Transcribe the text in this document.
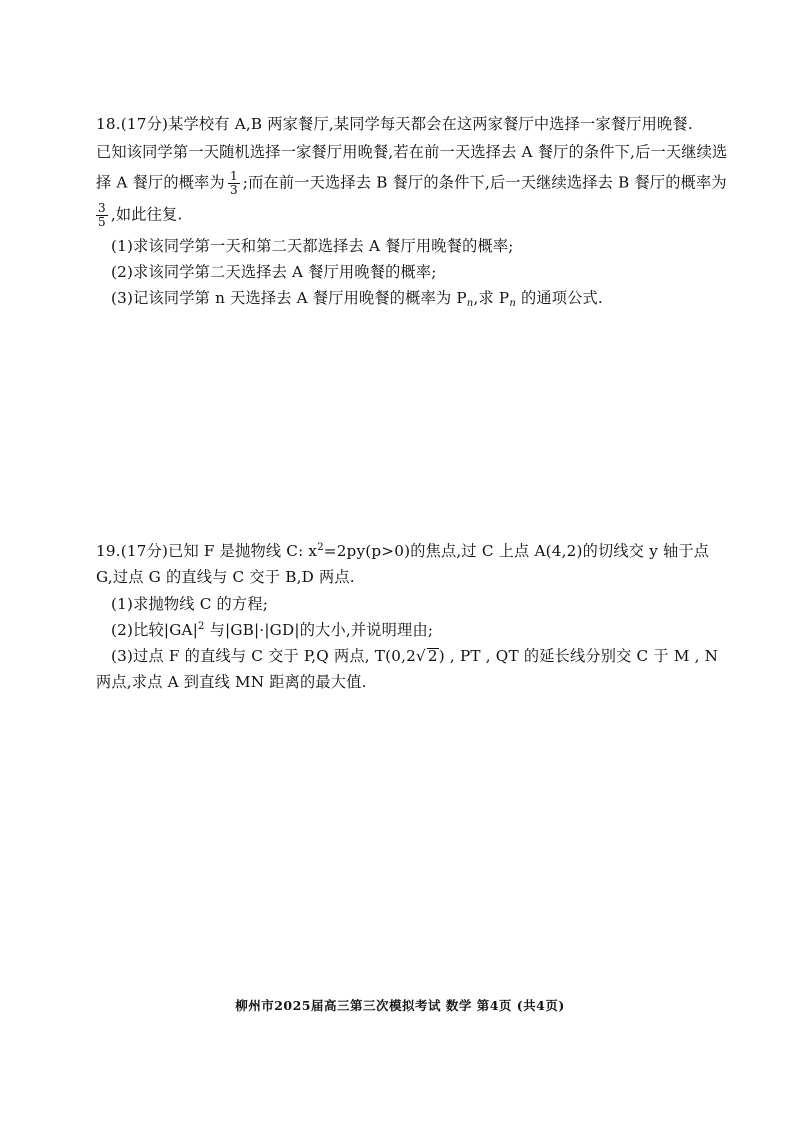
18.(17分)某学校有 A,B 两家餐厅,某同学每天都会在这两家餐厅中选择一家餐厅用晚餐.
已知该同学第一天随机选择一家餐厅用晚餐,若在前一天选择去 A 餐厅的条件下,后一天继续选
择 A 餐厅的概率为 $\frac{1}{3}$ ;而在前一天选择去 B 餐厅的条件下,后一天继续选择去 B 餐厅的概率为
$\frac{3}{5}$ ,如此往复.
(1)求该同学第一天和第二天都选择去 A 餐厅用晚餐的概率;
(2)求该同学第二天选择去 A 餐厅用晚餐的概率;
(3)记该同学第 n 天选择去 A 餐厅用晚餐的概率为 $P_n$,求 $P_n$ 的通项公式.
19.(17分)已知 F 是抛物线 C: $x^2=2py(p>0)$的焦点,过 C 上点 A(4,2)的切线交 y 轴于点
G,过点 G 的直线与 C 交于 B,D 两点.
(1)求抛物线 C 的方程;
(2)比较$|GA|^2$ 与|GB|·|GD|的大小,并说明理由;
(3)过点 F 的直线与 C 交于 P,Q 两点, T(0,2√ 2) , PT , QT 的延长线分别交 C 于 M , N
两点,求点 A 到直线 MN 距离的最大值.
柳州市2025届高三第三次模拟考试 数学 第4页 (共4页)
